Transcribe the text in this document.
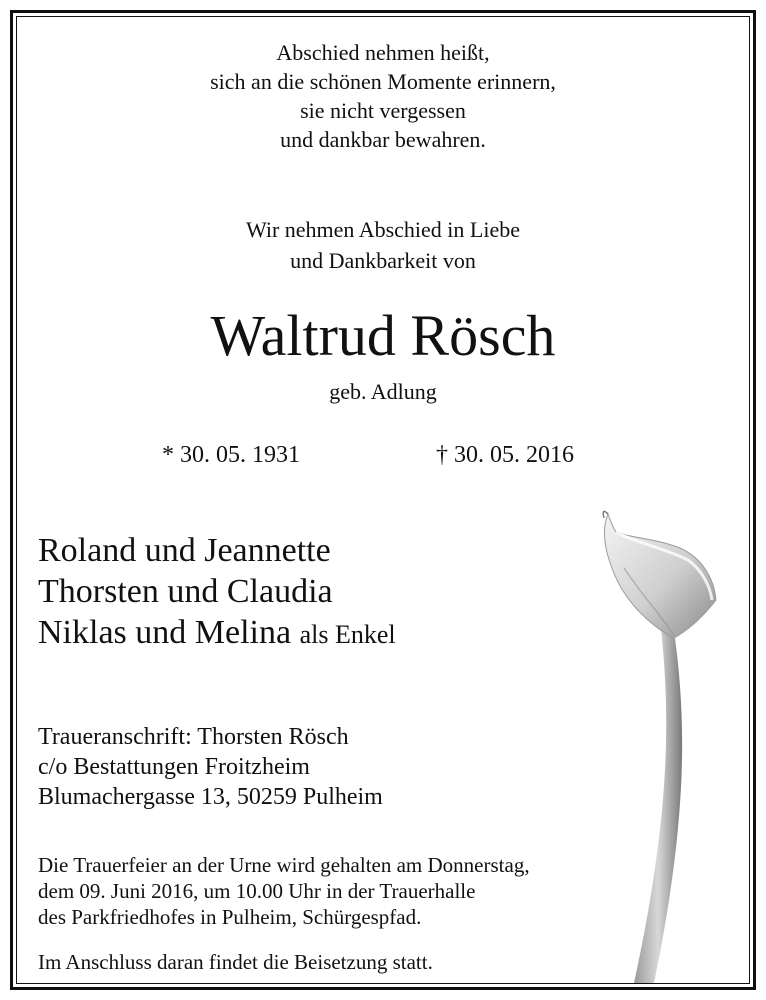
Abschied nehmen heißt,
sich an die schönen Momente erinnern,
sie nicht vergessen
und dankbar bewahren.
Wir nehmen Abschied in Liebe
und Dankbarkeit von
Waltrud Rösch
geb. Adlung
* 30. 05. 1931	† 30. 05. 2016
Roland und Jeannette
Thorsten und Claudia
Niklas und Melina als Enkel
Traueranschrift: Thorsten Rösch
c/o Bestattungen Froitzheim
Blumachergasse 13, 50259 Pulheim
Die Trauerfeier an der Urne wird gehalten am Donnerstag,
dem 09. Juni 2016, um 10.00 Uhr in der Trauerhalle
des Parkfriedhofes in Pulheim, Schürgespfad.
Im Anschluss daran findet die Beisetzung statt.
